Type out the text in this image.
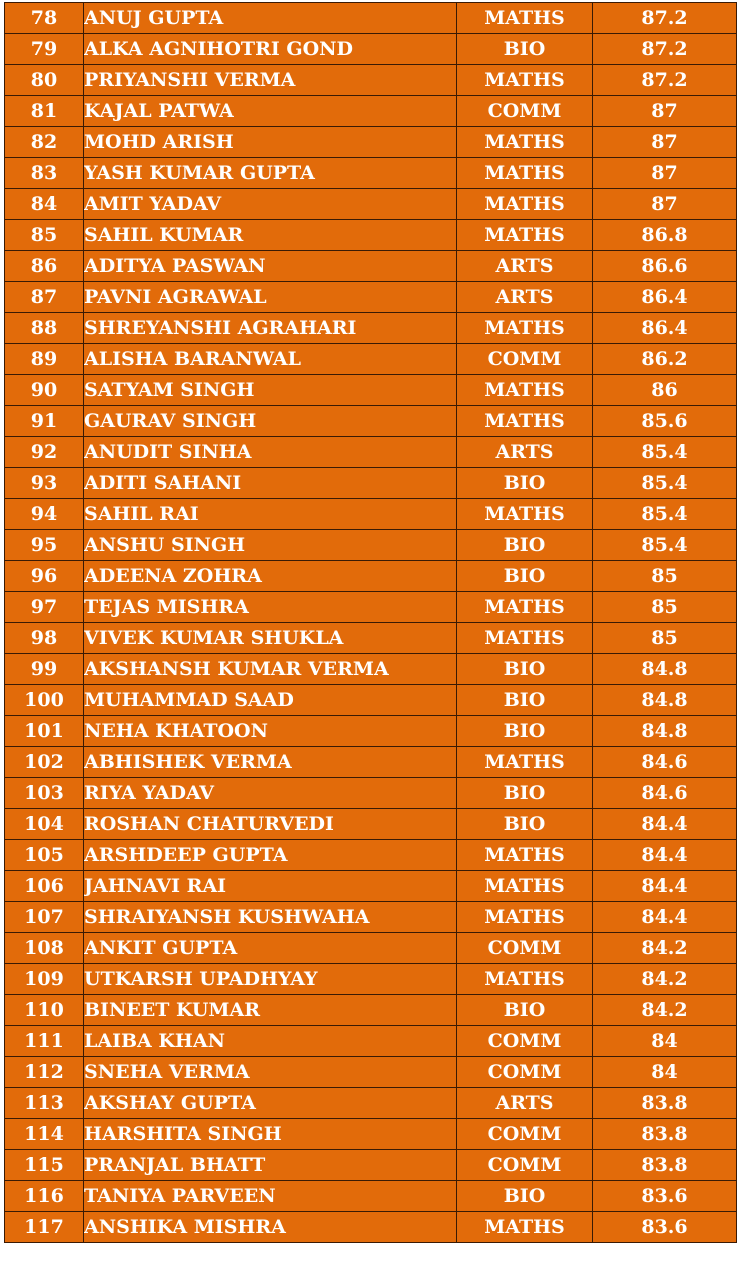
78	ANUJ GUPTA	MATHS	87.2
79	ALKA AGNIHOTRI GOND	BIO	87.2
80	PRIYANSHI VERMA	MATHS	87.2
81	KAJAL PATWA	COMM	87
82	MOHD ARISH	MATHS	87
83	YASH KUMAR GUPTA	MATHS	87
84	AMIT YADAV	MATHS	87
85	SAHIL KUMAR	MATHS	86.8
86	ADITYA PASWAN	ARTS	86.6
87	PAVNI AGRAWAL	ARTS	86.4
88	SHREYANSHI AGRAHARI	MATHS	86.4
89	ALISHA BARANWAL	COMM	86.2
90	SATYAM SINGH	MATHS	86
91	GAURAV SINGH	MATHS	85.6
92	ANUDIT SINHA	ARTS	85.4
93	ADITI SAHANI	BIO	85.4
94	SAHIL RAI	MATHS	85.4
95	ANSHU SINGH	BIO	85.4
96	ADEENA ZOHRA	BIO	85
97	TEJAS MISHRA	MATHS	85
98	VIVEK KUMAR SHUKLA	MATHS	85
99	AKSHANSH KUMAR VERMA	BIO	84.8
100	MUHAMMAD SAAD	BIO	84.8
101	NEHA KHATOON	BIO	84.8
102	ABHISHEK VERMA	MATHS	84.6
103	RIYA YADAV	BIO	84.6
104	ROSHAN CHATURVEDI	BIO	84.4
105	ARSHDEEP GUPTA	MATHS	84.4
106	JAHNAVI RAI	MATHS	84.4
107	SHRAIYANSH KUSHWAHA	MATHS	84.4
108	ANKIT GUPTA	COMM	84.2
109	UTKARSH UPADHYAY	MATHS	84.2
110	BINEET KUMAR	BIO	84.2
111	LAIBA KHAN	COMM	84
112	SNEHA VERMA	COMM	84
113	AKSHAY GUPTA	ARTS	83.8
114	HARSHITA SINGH	COMM	83.8
115	PRANJAL BHATT	COMM	83.8
116	TANIYA PARVEEN	BIO	83.6
117	ANSHIKA MISHRA	MATHS	83.6
